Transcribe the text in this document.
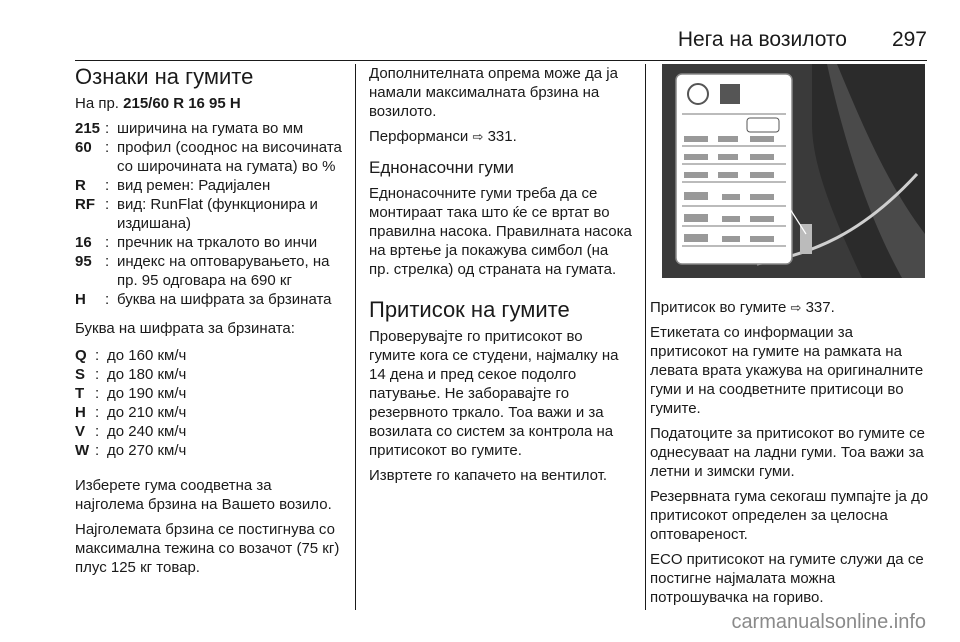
Нега на возилото 297
Ознаки на гумите

На пр. 215/60 R 16 95 H

215 : ширичина на гумата во мм
60 : профил (соодноc на височината со широчината на гумата) во %
R	: вид ремен: Радијален
RF : вид: RunFlat (функционира и издишана)
16 : пречник на тркалото во инчи
95 : индекс на оптоварувањето, на пр. 95 одговара на 690 кг
H	: буква на шифрата за брзината

Буква на шифрата за брзината:

Q : до 160 км/ч
S : до 180 км/ч
T : до 190 км/ч
H : до 210 км/ч
V : до 240 км/ч
W : до 270 км/ч

Изберете гума соодветна за најголема брзина на Вашето возило.

Најголемата брзина се постигнува со максимална тежина со возачот (75 кг) плус 125 кг товар.

Дополнителната опрема може да ја намали максималната брзина на возилото.

Перформанси ⇨ 331.

Еднонасочни гуми

Еднонасочните гуми треба да се монтираат така што ќе се вртат во правилна насока. Правилната насока на вртење ја покажува симбол (на пр. стрелка) од страната на гумата.

Притисок на гумите

Проверувајте го притисокот во гумите кога се студени, најмалку на 14 дена и пред секое подолго патување. Не заборавајте го резервното тркало. Тоа важи и за возилата со систем за контрола на притисокот во гумите.

Извртете го капачето на вентилот.

Притисок во гумите ⇨ 337.

Етикетата со информации за притисокот на гумите на рамката на левата врата укажува на оригиналните гуми и на соодветните притисоци во гумите.

Податоците за притисокот во гумите се однесуваат на ладни гуми. Тоа важи за летни и зимски гуми.

Резервната гума секогаш пумпајте ја до притисокот определен за целосна оптовареност.

ECO притисокот на гумите служи да се постигне најмалата можна потрошувачка на гориво.

carmanualsonline.info
